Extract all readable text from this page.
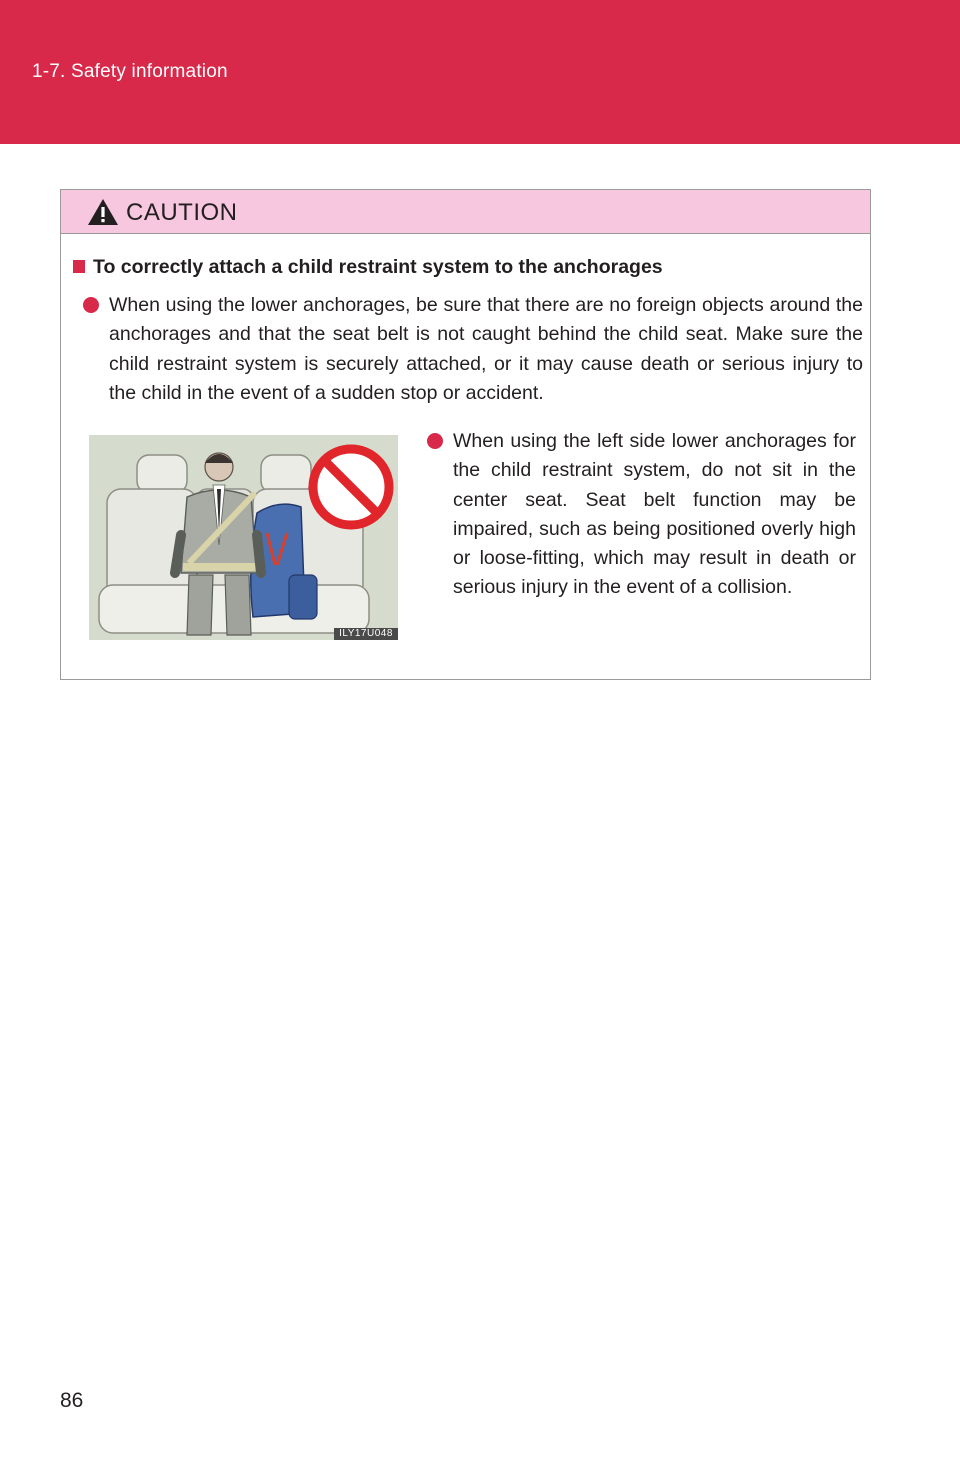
1-7. Safety information
CAUTION
To correctly attach a child restraint system to the anchorages
When using the lower anchorages, be sure that there are no foreign objects around the anchorages and that the seat belt is not caught behind the child seat. Make sure the child restraint system is securely attached, or it may cause death or serious injury to the child in the event of a sudden stop or accident.
ILY17U048
When using the left side lower anchorages for the child restraint system, do not sit in the center seat. Seat belt function may be impaired, such as being positioned overly high or loose-fitting, which may result in death or serious injury in the event of a collision.
86
